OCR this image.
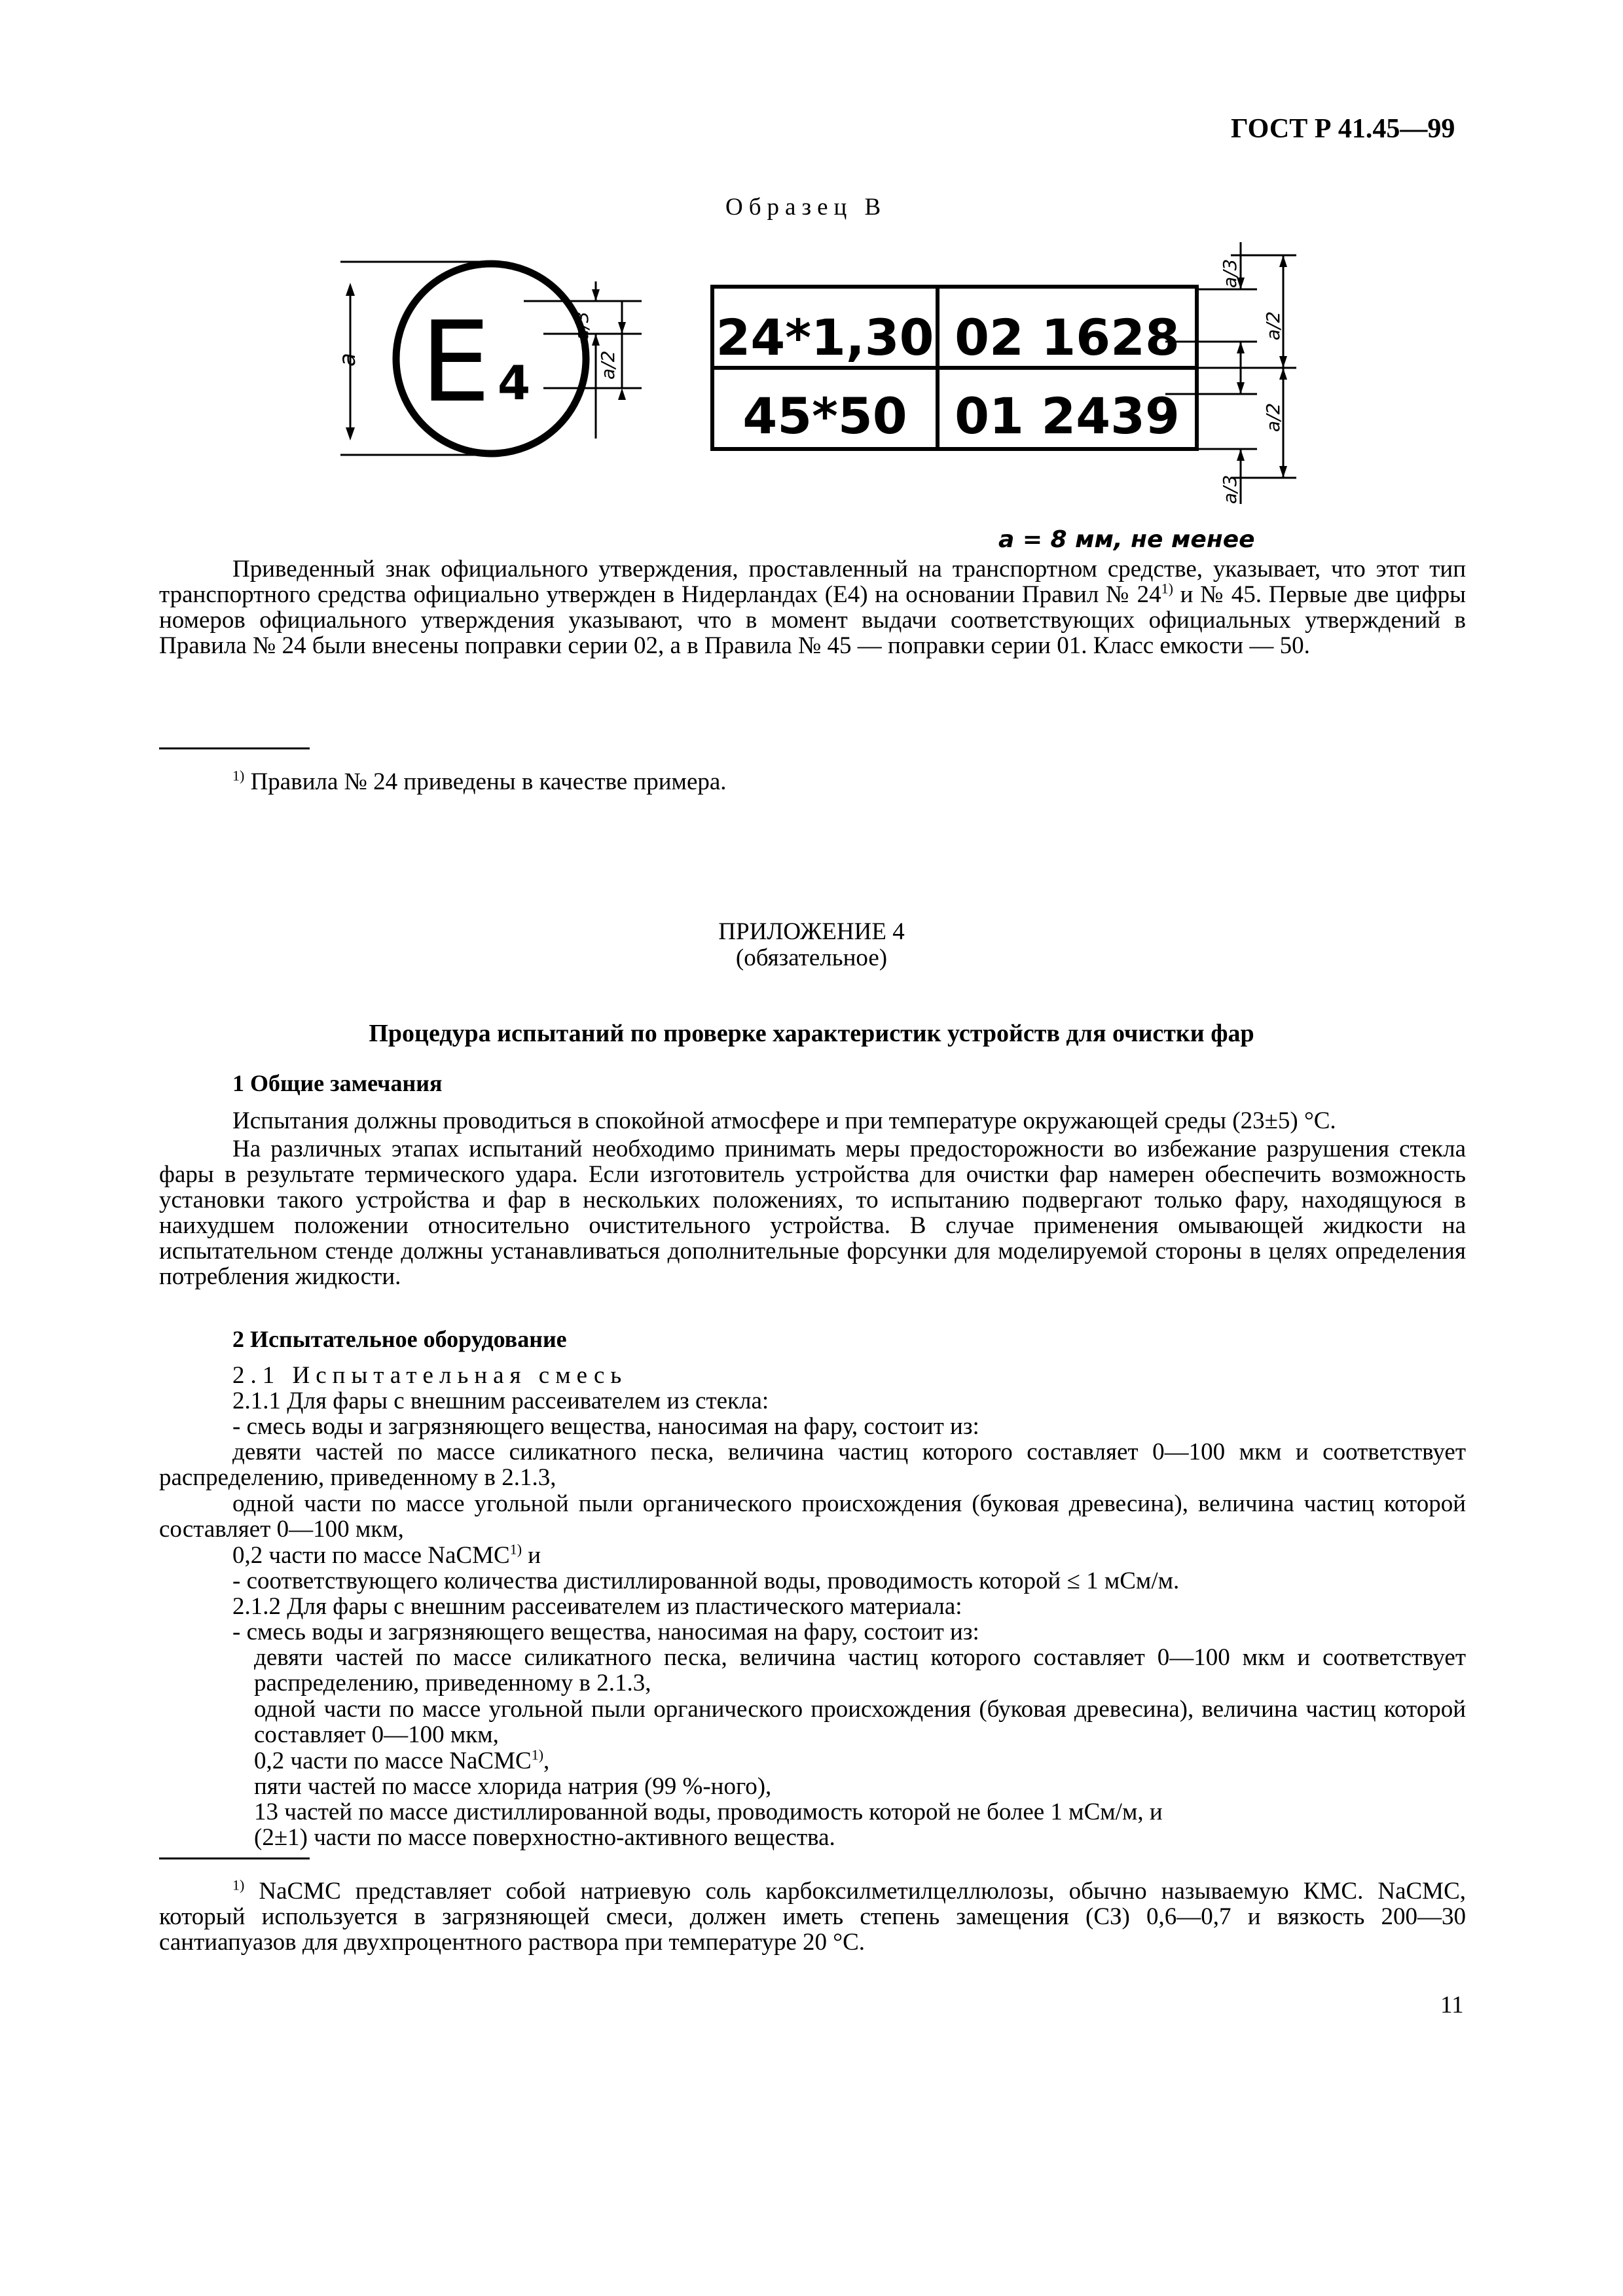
ГОСТ Р 41.45—99
Образец В
E 4
a
a/3
a/2 24*1,30 02 1628
45*50 01 2439
a/3
a/2
a/2
a/3
а = 8 мм, не менее
Приведенный знак официального утверждения, проставленный на транспортном средстве, указывает, что этот тип транспортного средства официально утвержден в Нидерландах (Е4) на основании Правил № 24$^{1)}$ и № 45. Первые две цифры номеров официального утверждения указывают, что в момент выдачи соответствующих официальных утверждений в Правила № 24 были внесены поправки серии 02, а в Правила № 45 — поправки серии 01. Класс емкости — 50.
$^{1)}$ Правила № 24 приведены в качестве примера.
ПРИЛОЖЕНИЕ 4
(обязательное)
Процедура испытаний по проверке характеристик устройств для очистки фар
1 Общие замечания
Испытания должны проводиться в спокойной атмосфере и при температуре окружающей среды (23±5) °С.
На различных этапах испытаний необходимо принимать меры предосторожности во избежание разрушения стекла фары в результате термического удара. Если изготовитель устройства для очистки фар намерен обеспечить возможность установки такого устройства и фар в нескольких положениях, то испытанию подвергают только фару, находящуюся в наихудшем положении относительно очистительного устройства. В случае применения омывающей жидкости на испытательном стенде должны устанавливаться дополнительные форсунки для моделируемой стороны в целях определения потребления жидкости.
2 Испытательное оборудование
2.1 Испытательная смесь
2.1.1 Для фары с внешним рассеивателем из стекла:
- смесь воды и загрязняющего вещества, наносимая на фару, состоит из:
девяти частей по массе силикатного песка, величина частиц которого составляет 0—100 мкм и соответствует распределению, приведенному в 2.1.3,
одной части по массе угольной пыли органического происхождения (буковая древесина), величина частиц которой составляет 0—100 мкм,
0,2 части по массе NaCMC$^{1)}$ и
- соответствующего количества дистиллированной воды, проводимость которой ≤ 1 мСм/м.
2.1.2 Для фары с внешним рассеивателем из пластического материала:
- смесь воды и загрязняющего вещества, наносимая на фару, состоит из:
девяти частей по массе силикатного песка, величина частиц которого составляет 0—100 мкм и соответствует распределению, приведенному в 2.1.3,
одной части по массе угольной пыли органического происхождения (буковая древесина), величина частиц которой составляет 0—100 мкм,
0,2 части по массе NaCMC$^{1)}$,
пяти частей по массе хлорида натрия (99 %-ного),
13 частей по массе дистиллированной воды, проводимость которой не более 1 мСм/м, и
(2±1) части по массе поверхностно-активного вещества.
$^{1)}$ NaCMC представляет собой натриевую соль карбоксилметилцеллюлозы, обычно называемую КМС. NaCMC, который используется в загрязняющей смеси, должен иметь степень замещения (СЗ) 0,6—0,7 и вязкость 200—30 сантиапуазов для двухпроцентного раствора при температуре 20 °С.
11
